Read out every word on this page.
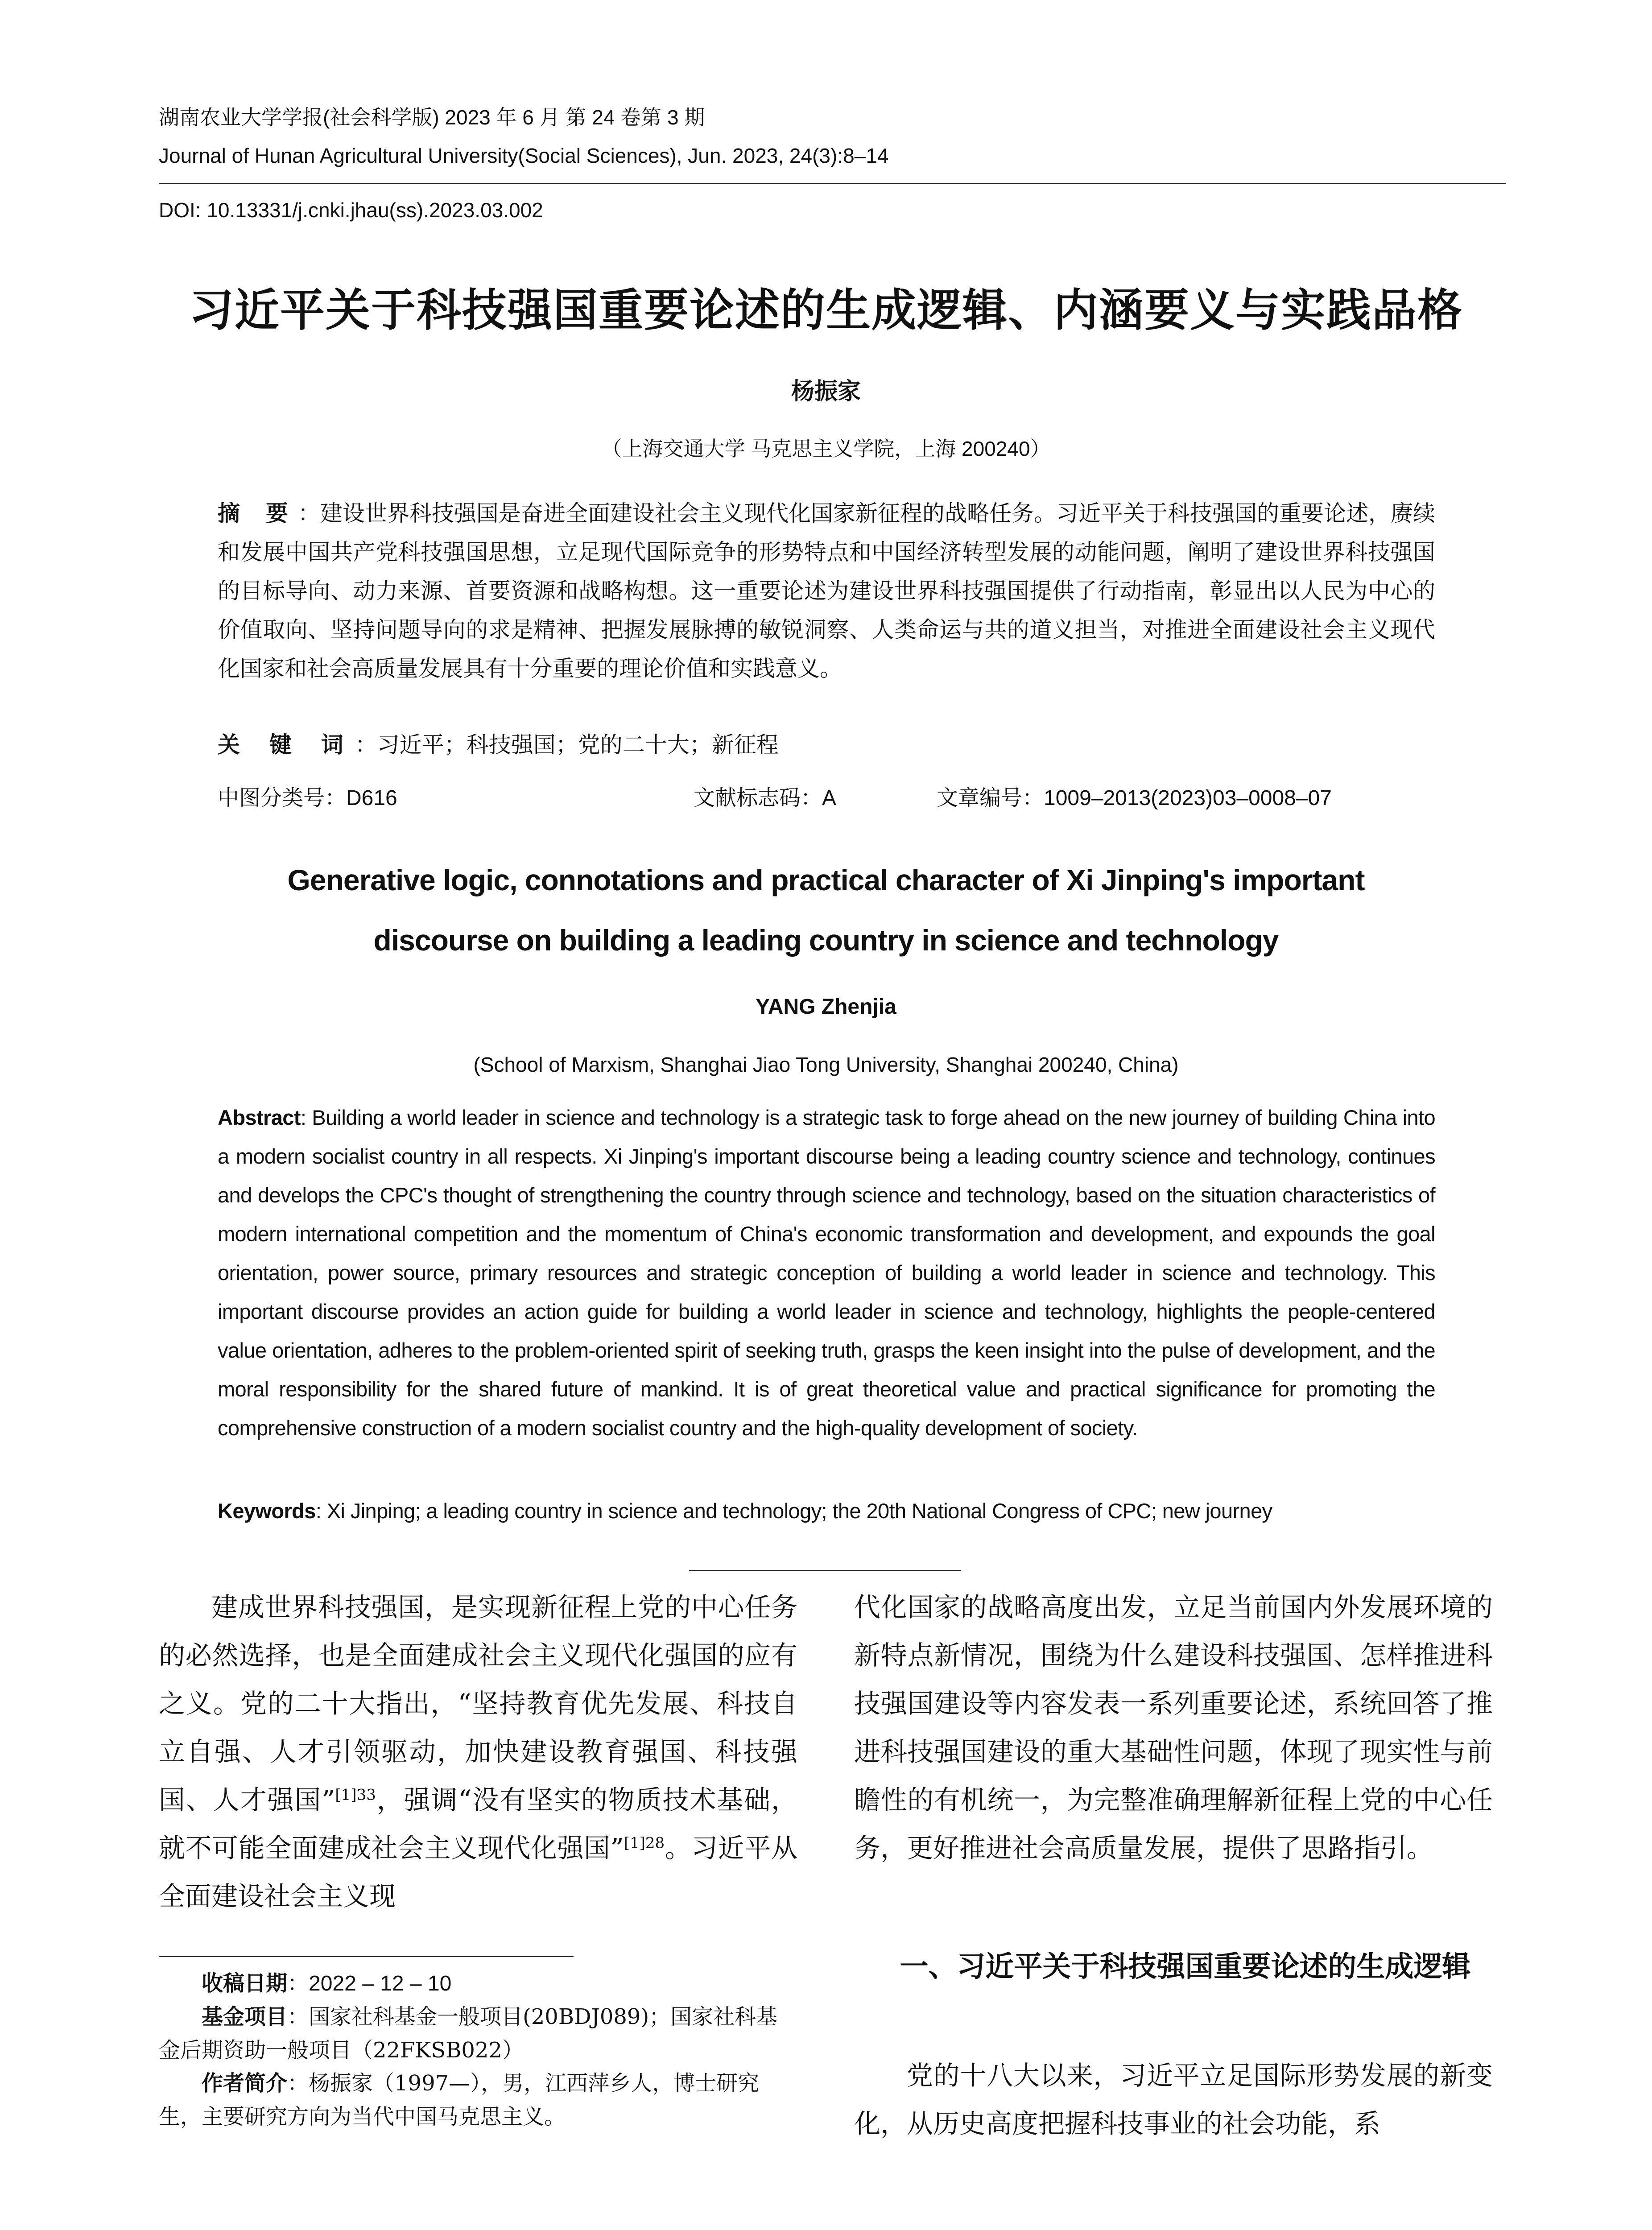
湖南农业大学学报(社会科学版) 2023 年 6 月 第 24 卷第 3 期
Journal of Hunan Agricultural University(Social Sciences), Jun. 2023, 24(3):8–14
DOI: 10.13331/j.cnki.jhau(ss).2023.03.002
习近平关于科技强国重要论述的生成逻辑、内涵要义与实践品格
杨振家
（上海交通大学 马克思主义学院，上海 200240）
摘 要：建设世界科技强国是奋进全面建设社会主义现代化国家新征程的战略任务。习近平关于科技强国的重要论述，赓续和发展中国共产党科技强国思想，立足现代国际竞争的形势特点和中国经济转型发展的动能问题，阐明了建设世界科技强国的目标导向、动力来源、首要资源和战略构想。这一重要论述为建设世界科技强国提供了行动指南，彰显出以人民为中心的价值取向、坚持问题导向的求是精神、把握发展脉搏的敏锐洞察、人类命运与共的道义担当，对推进全面建设社会主义现代化国家和社会高质量发展具有十分重要的理论价值和实践意义。
关 键 词：习近平；科技强国；党的二十大；新征程
中图分类号：D616	文献标志码：A	文章编号：1009–2013(2023)03–0008–07
Generative logic, connotations and practical character of Xi Jinping's important
discourse on building a leading country in science and technology
YANG Zhenjia
(School of Marxism, Shanghai Jiao Tong University, Shanghai 200240, China)
Abstract: Building a world leader in science and technology is a strategic task to forge ahead on the new journey of building China into a modern socialist country in all respects. Xi Jinping's important discourse being a leading country science and technology, continues and develops the CPC's thought of strengthening the country through science and technology, based on the situation characteristics of modern international competition and the momentum of China's economic transformation and development, and expounds the goal orientation, power source, primary resources and strategic conception of building a world leader in science and technology. This important discourse provides an action guide for building a world leader in science and technology, highlights the people-centered value orientation, adheres to the problem-oriented spirit of seeking truth, grasps the keen insight into the pulse of development, and the moral responsibility for the shared future of mankind. It is of great theoretical value and practical significance for promoting the comprehensive construction of a modern socialist country and the high-quality development of society.
Keywords: Xi Jinping; a leading country in science and technology; the 20th National Congress of CPC; new journey

建成世界科技强国，是实现新征程上党的中心任务的必然选择，也是全面建成社会主义现代化强国的应有之义。党的二十大指出，“坚持教育优先发展、科技自立自强、人才引领驱动，加快建设教育强国、科技强国、人才强国”$^{[1]33}$，强调“没有坚实的物质技术基础，就不可能全面建成社会主义现代化强国”$^{[1]28}$。习近平从全面建设社会主义现

代化国家的战略高度出发，立足当前国内外发展环境的新特点新情况，围绕为什么建设科技强国、怎样推进科技强国建设等内容发表一系列重要论述，系统回答了推进科技强国建设的重大基础性问题，体现了现实性与前瞻性的有机统一，为完整准确理解新征程上党的中心任务，更好推进社会高质量发展，提供了思路指引。

收稿日期：2022 – 12 – 10

基金项目：国家社科基金一般项目(20BDJ089)；国家社科基金后期资助一般项目（22FKSB022）

作者简介：杨振家（1997—），男，江西萍乡人，博士研究生，主要研究方向为当代中国马克思主义。

一、习近平关于科技强国重要论述的生成逻辑

党的十八大以来，习近平立足国际形势发展的新变化，从历史高度把握科技事业的社会功能，系
